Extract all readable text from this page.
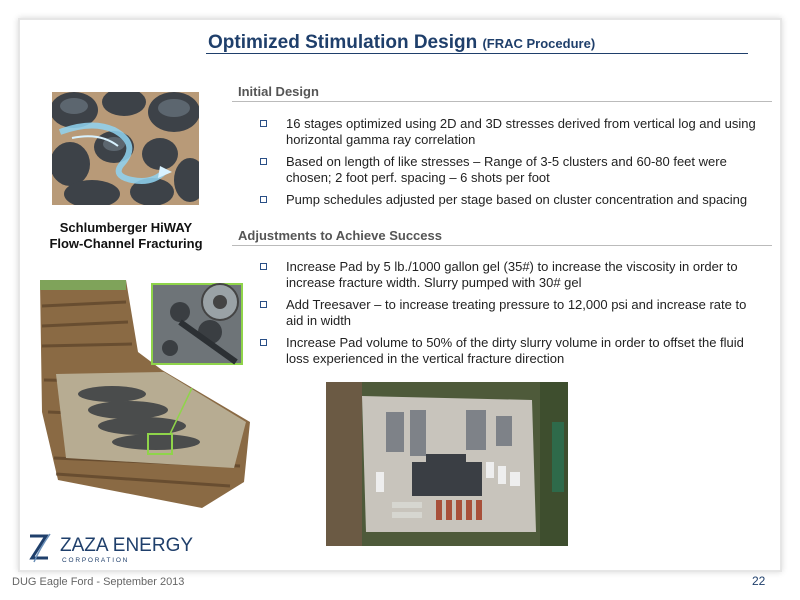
Optimized Stimulation Design (FRAC Procedure)
Initial Design
16 stages optimized using 2D and 3D stresses derived from vertical log and using horizontal gamma ray correlation
Based on length of like stresses – Range of 3-5 clusters and 60-80 feet were chosen; 2 foot perf. spacing – 6 shots per foot
Pump schedules adjusted per stage based on cluster concentration and spacing
Adjustments to Achieve Success
Increase Pad by 5 lb./1000 gallon gel (35#) to increase the viscosity in order to increase fracture width. Slurry pumped with 30# gel
Add Treesaver – to increase treating pressure to 12,000 psi and increase rate to aid in width
Increase Pad volume to 50% of the dirty slurry volume in order to offset the fluid loss experienced in the vertical fracture direction
Schlumberger HiWAY
Flow-Channel Fracturing
ZAZA ENERGY
C O R P O R A T I O N
DUG Eagle Ford - September 2013	22
